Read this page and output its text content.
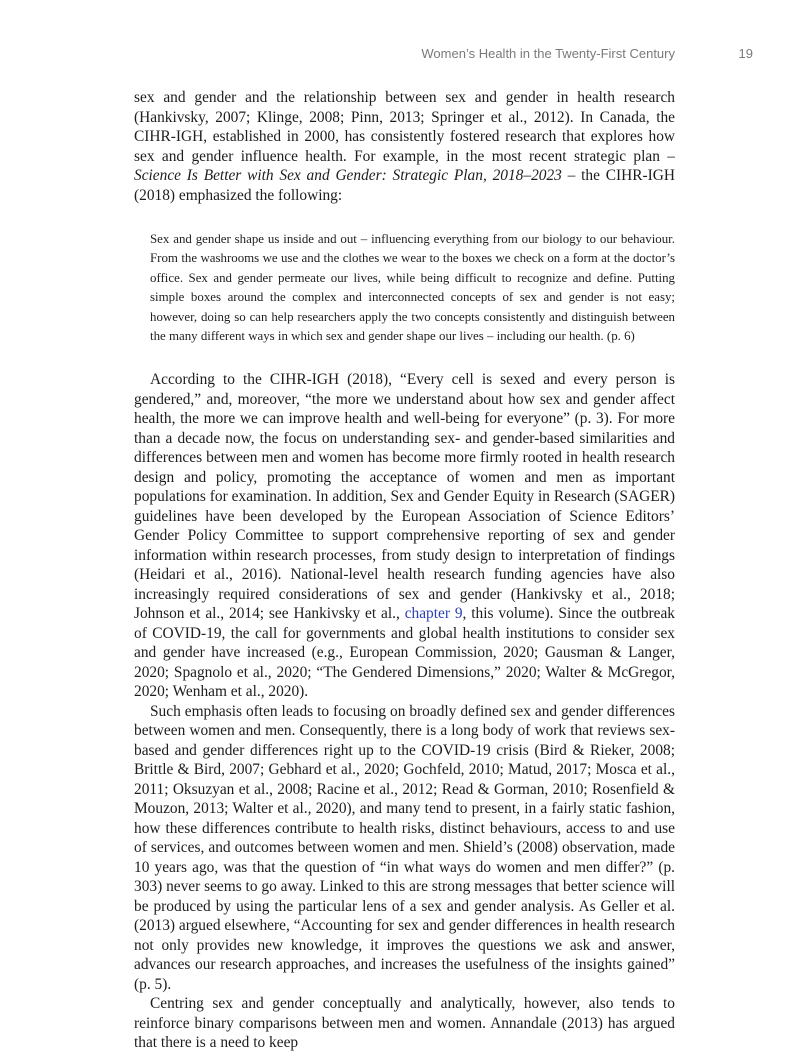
Women’s Health in the Twenty-First Century	19

sex and gender and the relationship between sex and gender in health research (Hankivsky, 2007; Klinge, 2008; Pinn, 2013; Springer et al., 2012). In Canada, the CIHR-IGH, established in 2000, has consistently fostered research that explores how sex and gender influence health. For example, in the most recent strategic plan – Science Is Better with Sex and Gender: Strategic Plan, 2018–2023 – the CIHR-IGH (2018) emphasized the following:

Sex and gender shape us inside and out – influencing everything from our biology to our behaviour. From the washrooms we use and the clothes we wear to the boxes we check on a form at the doctor’s office. Sex and gender permeate our lives, while being difficult to recognize and define. Putting simple boxes around the complex and interconnected concepts of sex and gender is not easy; however, doing so can help researchers apply the two concepts consistently and distinguish between the many different ways in which sex and gender shape our lives – including our health. (p. 6)

According to the CIHR-IGH (2018), “Every cell is sexed and every person is gendered,” and, moreover, “the more we understand about how sex and gender affect health, the more we can improve health and well-being for everyone” (p. 3). For more than a decade now, the focus on understanding sex- and gender-based similarities and differences between men and women has become more firmly rooted in health research design and policy, promoting the acceptance of women and men as important populations for examination. In addition, Sex and Gender Equity in Research (SAGER) guidelines have been developed by the European Association of Science Editors’ Gender Policy Committee to support comprehensive reporting of sex and gender information within research processes, from study design to interpretation of findings (Heidari et al., 2016). National-level health research funding agencies have also increasingly required considerations of sex and gender (Hankivsky et al., 2018; Johnson et al., 2014; see Hankivsky et al., chapter 9, this volume). Since the outbreak of COVID-19, the call for governments and global health institutions to consider sex and gender have increased (e.g., European Commission, 2020; Gausman & Langer, 2020; Spagnolo et al., 2020; “The Gendered Dimensions,” 2020; Walter & McGregor, 2020; Wenham et al., 2020).

Such emphasis often leads to focusing on broadly defined sex and gender differences between women and men. Consequently, there is a long body of work that reviews sex-based and gender differences right up to the COVID-19 crisis (Bird & Rieker, 2008; Brittle & Bird, 2007; Gebhard et al., 2020; Gochfeld, 2010; Matud, 2017; Mosca et al., 2011; Oksuzyan et al., 2008; Racine et al., 2012; Read & Gorman, 2010; Rosenfield & Mouzon, 2013; Walter et al., 2020), and many tend to present, in a fairly static fashion, how these differences contribute to health risks, distinct behaviours, access to and use of services, and outcomes between women and men. Shield’s (2008) observation, made 10 years ago, was that the question of “in what ways do women and men differ?” (p. 303) never seems to go away. Linked to this are strong messages that better science will be produced by using the particular lens of a sex and gender analysis. As Geller et al. (2013) argued elsewhere, “Accounting for sex and gender differences in health research not only provides new knowledge, it improves the questions we ask and answer, advances our research approaches, and increases the usefulness of the insights gained” (p. 5).

Centring sex and gender conceptually and analytically, however, also tends to reinforce binary comparisons between men and women. Annandale (2013) has argued that there is a need to keep
